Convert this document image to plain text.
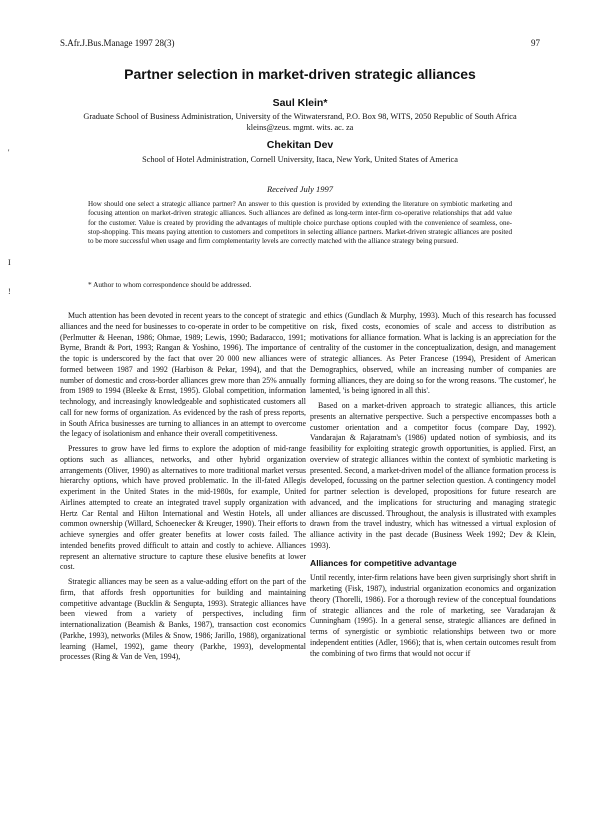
S.Afr.J.Bus.Manage 1997 28(3)	97
Partner selection in market-driven strategic alliances
Saul Klein*
Graduate School of Business Administration, University of the Witwatersrand, P.O. Box 98, WITS, 2050 Republic of South Africa
kleins@zeus. mgmt. wits. ac. za
Chekitan Dev
School of Hotel Administration, Cornell University, Itaca, New York, United States of America
Received July 1997

How should one select a strategic alliance partner? An answer to this question is provided by extending the literature on symbiotic marketing and focusing attention on market-driven strategic alliances. Such alliances are defined as long-term inter-firm co-operative relationships that add value for the customer. Value is created by providing the advantages of multiple choice purchase options coupled with the convenience of seamless, one-stop-shopping. This means paying attention to customers and competitors in selecting alliance partners. Market-driven strategic alliances are posited to be more successful when usage and firm complementarity levels are correctly matched with the alliance strategy being pursued.

* Author to whom correspondence should be addressed.
'
I
!

Much attention has been devoted in recent years to the concept of strategic alliances and the need for businesses to co-operate in order to be competitive (Perlmutter & Heenan, 1986; Ohmae, 1989; Lewis, 1990; Badaracco, 1991; Byrne, Brandt & Port, 1993; Rangan & Yoshino, 1996). The importance of the topic is underscored by the fact that over 20 000 new alliances were formed between 1987 and 1992 (Harbison & Pekar, 1994), and that the number of domestic and cross-border alliances grew more than 25% annually from 1989 to 1994 (Bleeke & Ernst, 1995). Global competition, information technology, and increasingly knowledgeable and sophisticated customers all call for new forms of organization. As evidenced by the rash of press reports, in South Africa businesses are turning to alliances in an attempt to overcome the legacy of isolationism and enhance their overall competitiveness.

Pressures to grow have led firms to explore the adoption of mid-range options such as alliances, networks, and other hybrid organization arrangements (Oliver, 1990) as alternatives to more traditional market versus hierarchy options, which have proved problematic. In the ill-fated Allegis experiment in the United States in the mid-1980s, for example, United Airlines attempted to create an integrated travel supply organization with Hertz Car Rental and Hilton International and Westin Hotels, all under common ownership (Willard, Schoenecker & Kreuger, 1990). Their efforts to achieve synergies and offer greater benefits at lower costs failed. The intended benefits proved difficult to attain and costly to achieve. Alliances represent an alternative structure to capture these elusive benefits at lower cost.

Strategic alliances may be seen as a value-adding effort on the part of the firm, that affords fresh opportunities for building and maintaining competitive advantage (Bucklin & Sengupta, 1993). Strategic alliances have been viewed from a variety of perspectives, including firm internationalization (Beamish & Banks, 1987), transaction cost economics (Parkhe, 1993), networks (Miles & Snow, 1986; Jarillo, 1988), organizational learning (Hamel, 1992), game theory (Parkhe, 1993), developmental processes (Ring & Van de Ven, 1994),

and ethics (Gundlach & Murphy, 1993). Much of this research has focussed on risk, fixed costs, economies of scale and access to distribution as motivations for alliance formation. What is lacking is an appreciation for the centrality of the customer in the conceptualization, design, and management of strategic alliances. As Peter Francese (1994), President of American Demographics, observed, while an increasing number of companies are forming alliances, they are doing so for the wrong reasons. 'The customer', he lamented, 'is being ignored in all this'.

Based on a market-driven approach to strategic alliances, this article presents an alternative perspective. Such a perspective encompasses both a customer orientation and a competitor focus (compare Day, 1992). Vandarajan & Rajaratnam's (1986) updated notion of symbiosis, and its feasibility for exploiting strategic growth opportunities, is applied. First, an overview of strategic alliances within the context of symbiotic marketing is presented. Second, a market-driven model of the alliance formation process is developed, focussing on the partner selection question. A contingency model for partner selection is developed, propositions for future research are advanced, and the implications for structuring and managing strategic alliances are discussed. Throughout, the analysis is illustrated with examples drawn from the travel industry, which has witnessed a virtual explosion of alliance activity in the past decade (Business Week 1992; Dev & Klein, 1993).

Alliances for competitive advantage

Until recently, inter-firm relations have been given surprisingly short shrift in marketing (Fisk, 1987), industrial organization economics and organization theory (Thorelli, 1986). For a thorough review of the conceptual foundations of strategic alliances and the role of marketing, see Varadarajan & Cunningham (1995). In a general sense, strategic alliances are defined in terms of synergistic or symbiotic relationships between two or more independent entities (Adler, 1966); that is, when certain outcomes result from the combining of two firms that would not occur if
